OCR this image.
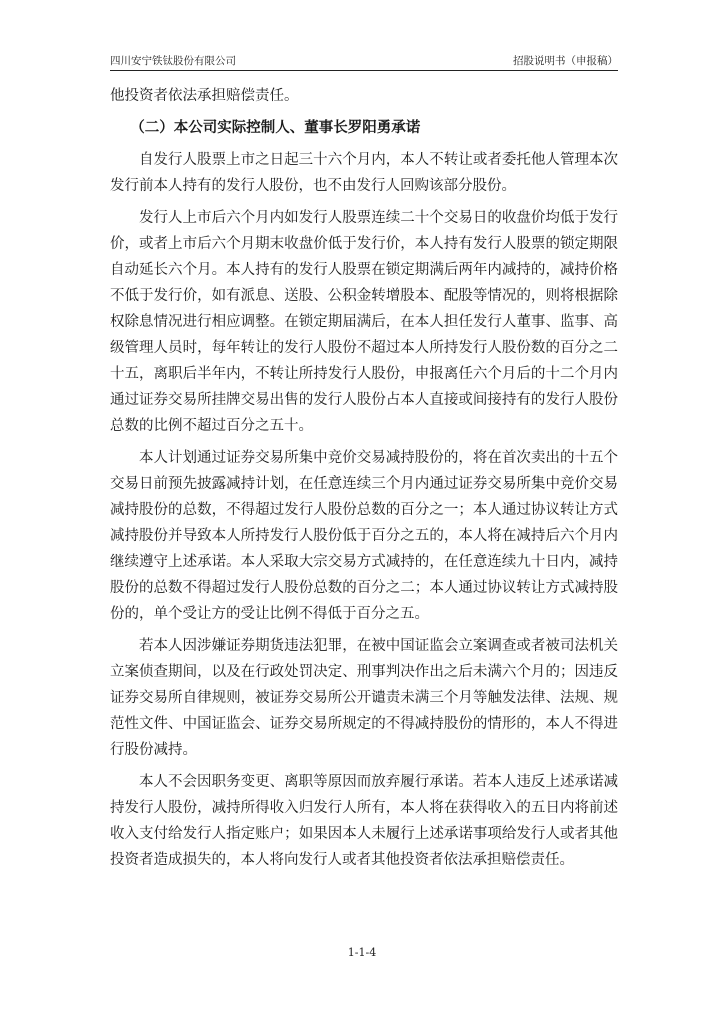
四川安宁铁钛股份有限公司	招股说明书（申报稿）

他投资者依法承担赔偿责任。

（二）本公司实际控制人、董事长罗阳勇承诺

自发行人股票上市之日起三十六个月内，本人不转让或者委托他人管理本次发行前本人持有的发行人股份，也不由发行人回购该部分股份。

发行人上市后六个月内如发行人股票连续二十个交易日的收盘价均低于发行价，或者上市后六个月期末收盘价低于发行价，本人持有发行人股票的锁定期限自动延长六个月。本人持有的发行人股票在锁定期满后两年内减持的，减持价格不低于发行价，如有派息、送股、公积金转增股本、配股等情况的，则将根据除权除息情况进行相应调整。在锁定期届满后，在本人担任发行人董事、监事、高级管理人员时，每年转让的发行人股份不超过本人所持发行人股份数的百分之二十五，离职后半年内，不转让所持发行人股份，申报离任六个月后的十二个月内通过证券交易所挂牌交易出售的发行人股份占本人直接或间接持有的发行人股份总数的比例不超过百分之五十。

本人计划通过证券交易所集中竞价交易减持股份的，将在首次卖出的十五个交易日前预先披露减持计划，在任意连续三个月内通过证券交易所集中竞价交易减持股份的总数，不得超过发行人股份总数的百分之一；本人通过协议转让方式减持股份并导致本人所持发行人股份低于百分之五的，本人将在减持后六个月内继续遵守上述承诺。本人采取大宗交易方式减持的，在任意连续九十日内，减持股份的总数不得超过发行人股份总数的百分之二；本人通过协议转让方式减持股份的，单个受让方的受让比例不得低于百分之五。

若本人因涉嫌证券期货违法犯罪，在被中国证监会立案调查或者被司法机关立案侦查期间，以及在行政处罚决定、刑事判决作出之后未满六个月的；因违反证券交易所自律规则，被证券交易所公开谴责未满三个月等触发法律、法规、规范性文件、中国证监会、证券交易所规定的不得减持股份的情形的，本人不得进行股份减持。

本人不会因职务变更、离职等原因而放弃履行承诺。若本人违反上述承诺减持发行人股份，减持所得收入归发行人所有，本人将在获得收入的五日内将前述收入支付给发行人指定账户；如果因本人未履行上述承诺事项给发行人或者其他投资者造成损失的，本人将向发行人或者其他投资者依法承担赔偿责任。

1-1-4
